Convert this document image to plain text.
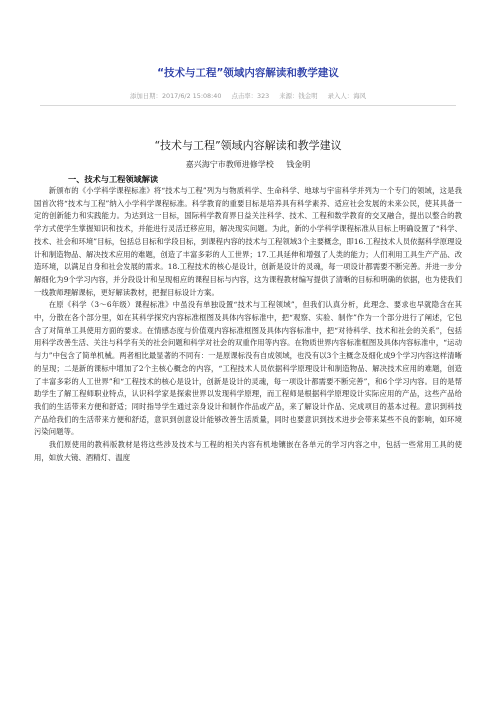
“技术与工程”领域内容解读和教学建议
添加日期：2017/6/2 15:08:40 点击率：323 来源：钱金明 录入人：海风
“技术与工程”领域内容解读和教学建议
嘉兴海宁市教师进修学校 钱金明
一、技术与工程领域解读

新颁布的《小学科学课程标准》将“技术与工程”列为与物质科学、生命科学、地球与宇宙科学并列为一个专门的领域，这是我国首次将“技术与工程”纳入小学科学课程标准。科学教育的重要目标是培养具有科学素养、适应社会发展的未来公民，使其具备一定的创新能力和实践能力。为达到这一目标，国际科学教育界日益关注科学、技术、工程和数学教育的交叉融合，提出以整合的教学方式使学生掌握知识和技术，并能进行灵活迁移应用，解决现实问题。为此，新的小学科学课程标准从目标上明确设置了“科学、技术、社会和环境”目标，包括总目标和学段目标，到课程内容的技术与工程领域3个主要概念，即16.工程技术人员依据科学原理设计和制造物品、解决技术应用的难题，创造了丰富多彩的人工世界；17.工具延伸和增强了人类的能力；人们利用工具生产产品、改造环境，以满足自身和社会发展的需求。18.工程技术的核心是设计，创新是设计的灵魂，每一项设计都需要不断完善。并进一步分解细化为9个学习内容，并分段设计和呈现相应的课程目标与内容，这为课程教材编写提供了清晰的目标和明确的依据，也为使我们一线教师理解课标，更好解读教材，把握目标设计方案。

在原《科学（3～6年级）课程标准》中虽没有单独设置“技术与工程领域”，但我们认真分析，此理念、要求也早就隐含在其中，分散在各个部分里，如在其科学探究内容标准框图及具体内容标准中，把“观察、实验、制作”作为一个部分进行了阐述，它包含了对简单工具使用方面的要求。在情感态度与价值观内容标准框图及具体内容标准中，把“对待科学、技术和社会的关系”，包括用科学改善生活、关注与科学有关的社会问题和科学对社会的双重作用等内容。在物质世界内容标准框图及具体内容标准中，“运动与力”中包含了简单机械。两者相比最显著的不同有：一是原课标没有自成领域，也没有以3个主概念及细化成9个学习内容这样清晰的呈现；二是新的课标中增加了2个主核心概念的内容，“工程技术人员依据科学原理设计和制造物品、解决技术应用的难题，创造了丰富多彩的人工世界”和“工程技术的核心是设计，创新是设计的灵魂，每一项设计都需要不断完善”，和6个学习内容。目的是帮助学生了解工程师职业特点，认识科学家是探索世界以发现科学原理，而工程师是根据科学原理设计实际应用的产品，这些产品给我们的生活带来方便和舒适；同时指导学生通过亲身设计和制作作品或产品，来了解设计作品、完成项目的基本过程。意识到科技产品给我们的生活带来方便和舒适，意识到创意设计能够改善生活质量，同时也要意识到技术进步会带来某些不良的影响，如环境污染问题等。

我们原使用的教科版教材是将这些涉及技术与工程的相关内容有机地镶嵌在各单元的学习内容之中，包括一些常用工具的使用，如放大镜、酒精灯、温度
